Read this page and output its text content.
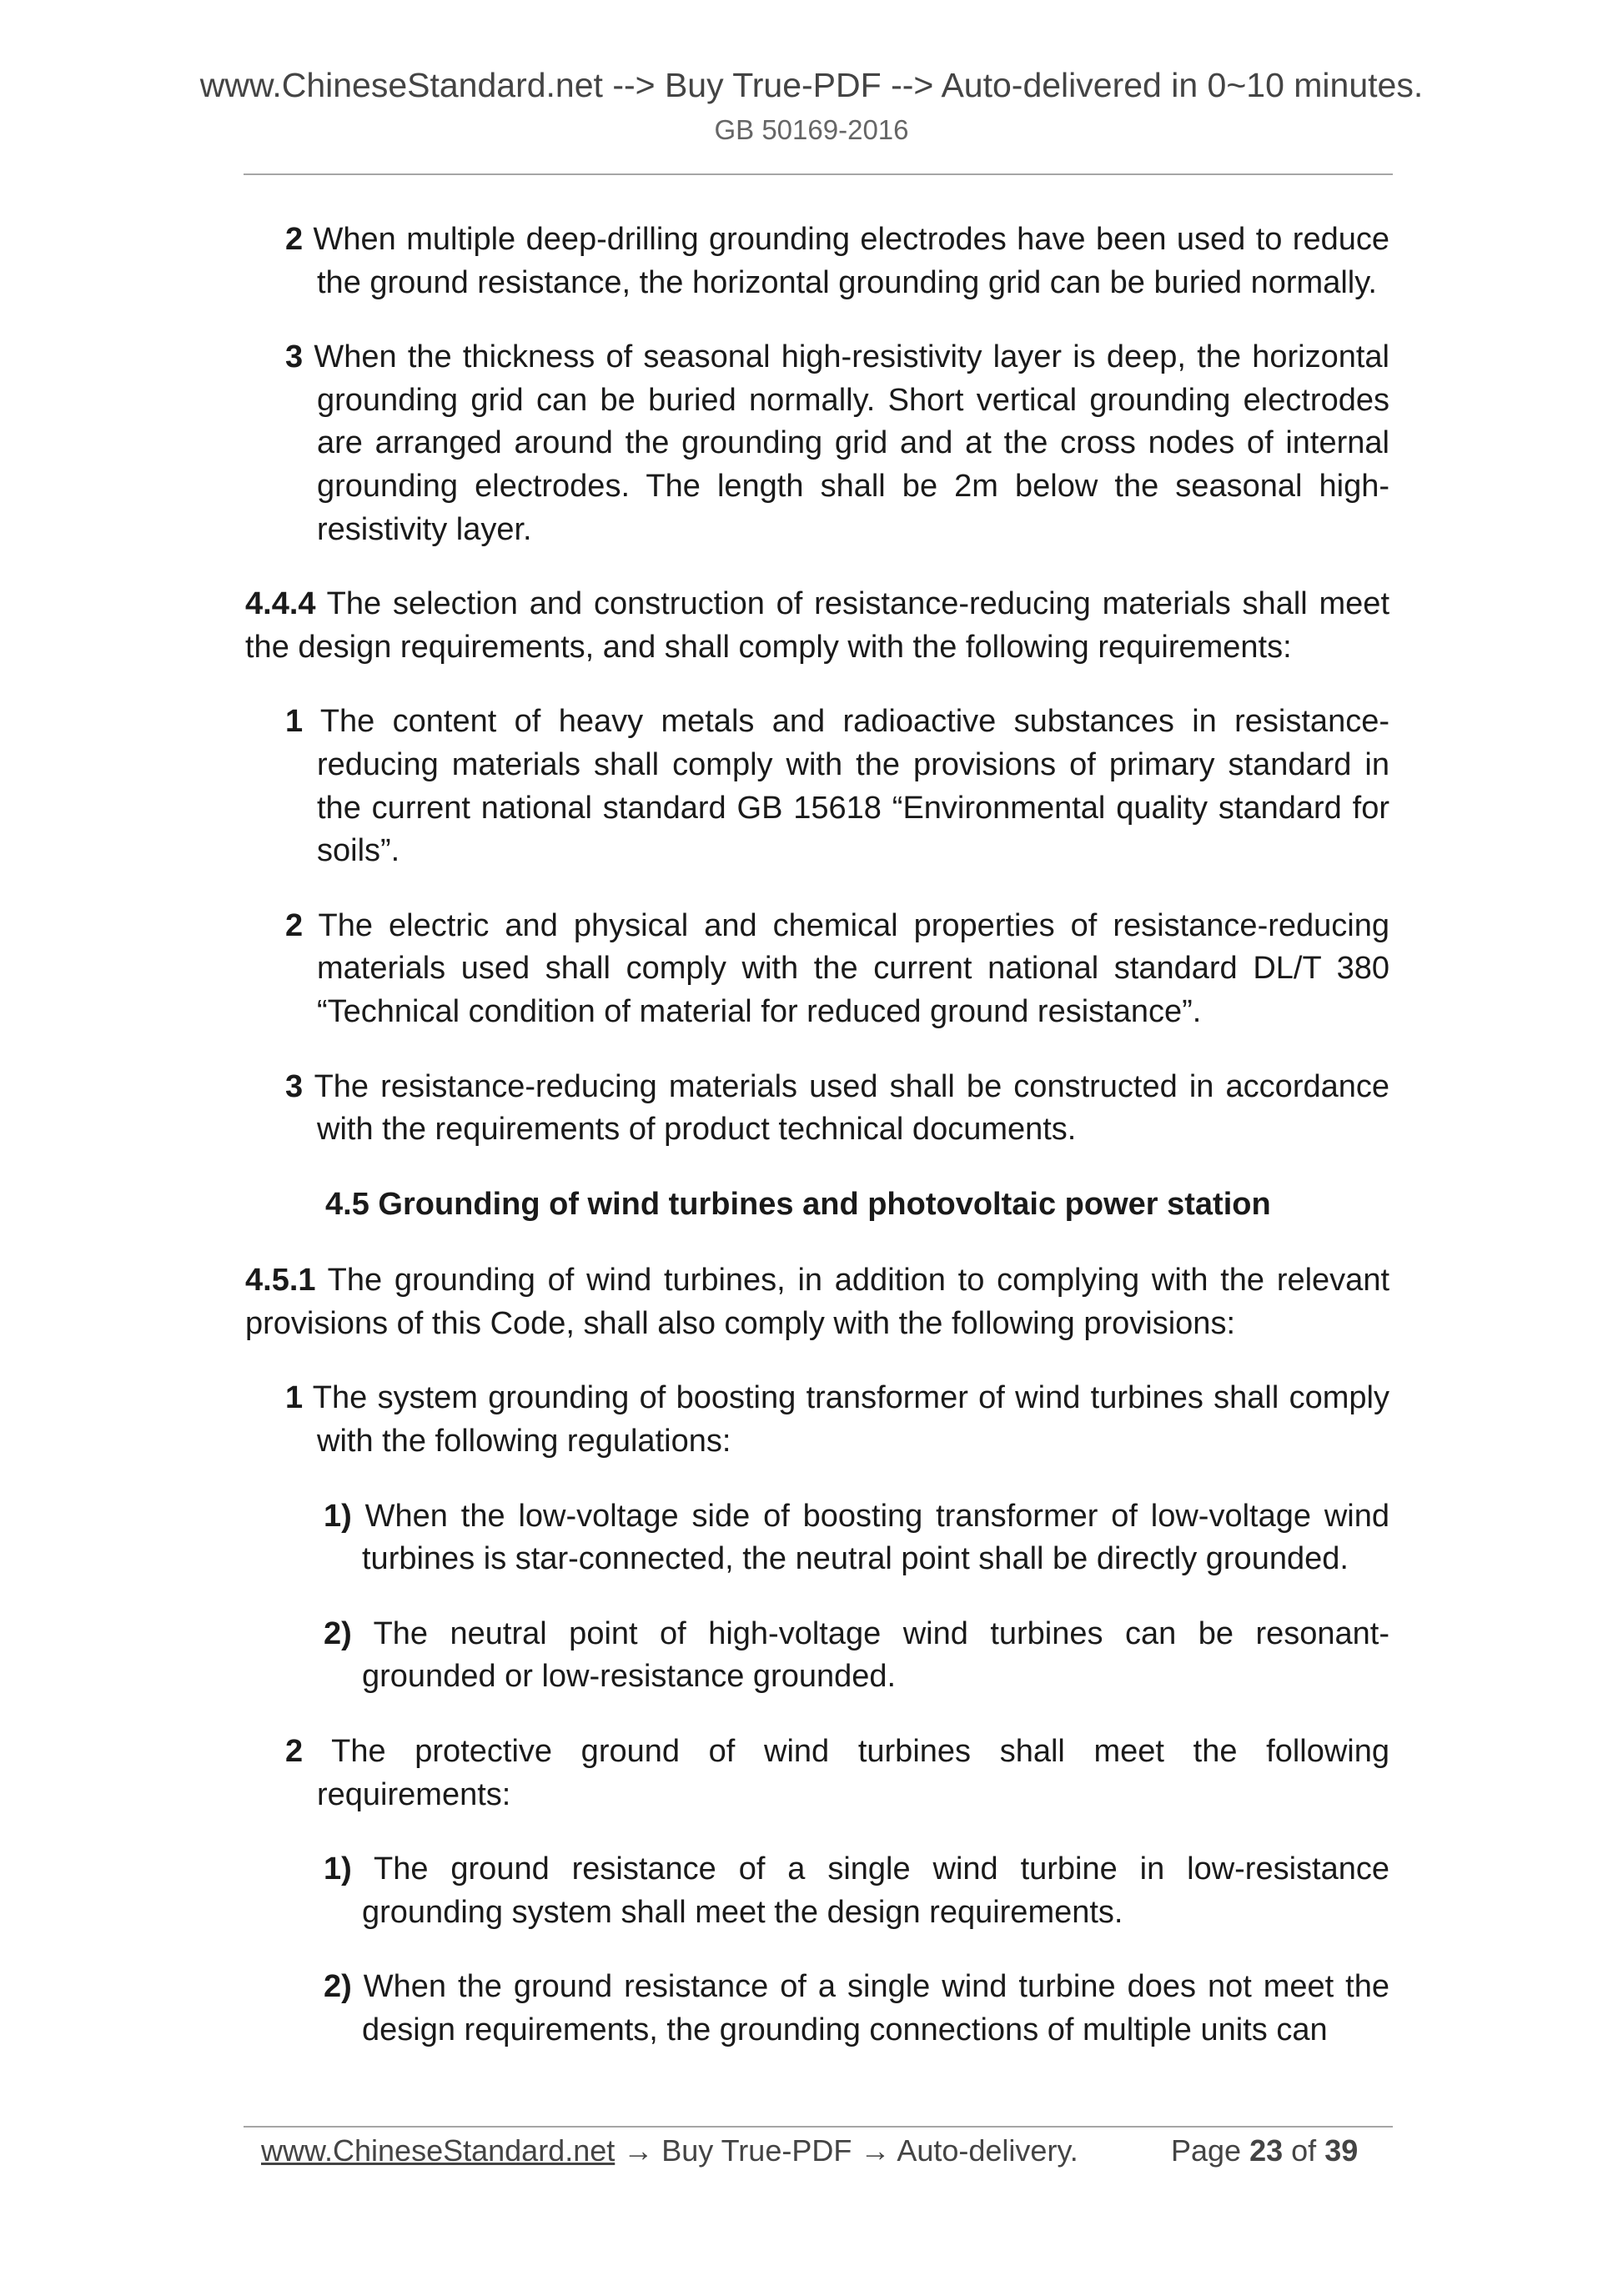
www.ChineseStandard.net --> Buy True-PDF --> Auto-delivered in 0~10 minutes.
GB 50169-2016

2 When multiple deep-drilling grounding electrodes have been used to reduce the ground resistance, the horizontal grounding grid can be buried normally.

3 When the thickness of seasonal high-resistivity layer is deep, the horizontal grounding grid can be buried normally. Short vertical grounding electrodes are arranged around the grounding grid and at the cross nodes of internal grounding electrodes. The length shall be 2m below the seasonal high-resistivity layer.

4.4.4 The selection and construction of resistance-reducing materials shall meet the design requirements, and shall comply with the following requirements:

1 The content of heavy metals and radioactive substances in resistance-reducing materials shall comply with the provisions of primary standard in the current national standard GB 15618 “Environmental quality standard for soils”.

2 The electric and physical and chemical properties of resistance-reducing materials used shall comply with the current national standard DL/T 380 “Technical condition of material for reduced ground resistance”.

3 The resistance-reducing materials used shall be constructed in accordance with the requirements of product technical documents.

4.5 Grounding of wind turbines and photovoltaic power station

4.5.1 The grounding of wind turbines, in addition to complying with the relevant provisions of this Code, shall also comply with the following provisions:

1 The system grounding of boosting transformer of wind turbines shall comply with the following regulations:

1) When the low-voltage side of boosting transformer of low-voltage wind turbines is star-connected, the neutral point shall be directly grounded.

2) The neutral point of high-voltage wind turbines can be resonant-grounded or low-resistance grounded.

2 The protective ground of wind turbines shall meet the following requirements:

1) The ground resistance of a single wind turbine in low-resistance grounding system shall meet the design requirements.

2) When the ground resistance of a single wind turbine does not meet the design requirements, the grounding connections of multiple units can

www.ChineseStandard.net → Buy True-PDF → Auto-delivery.	Page 23 of 39
